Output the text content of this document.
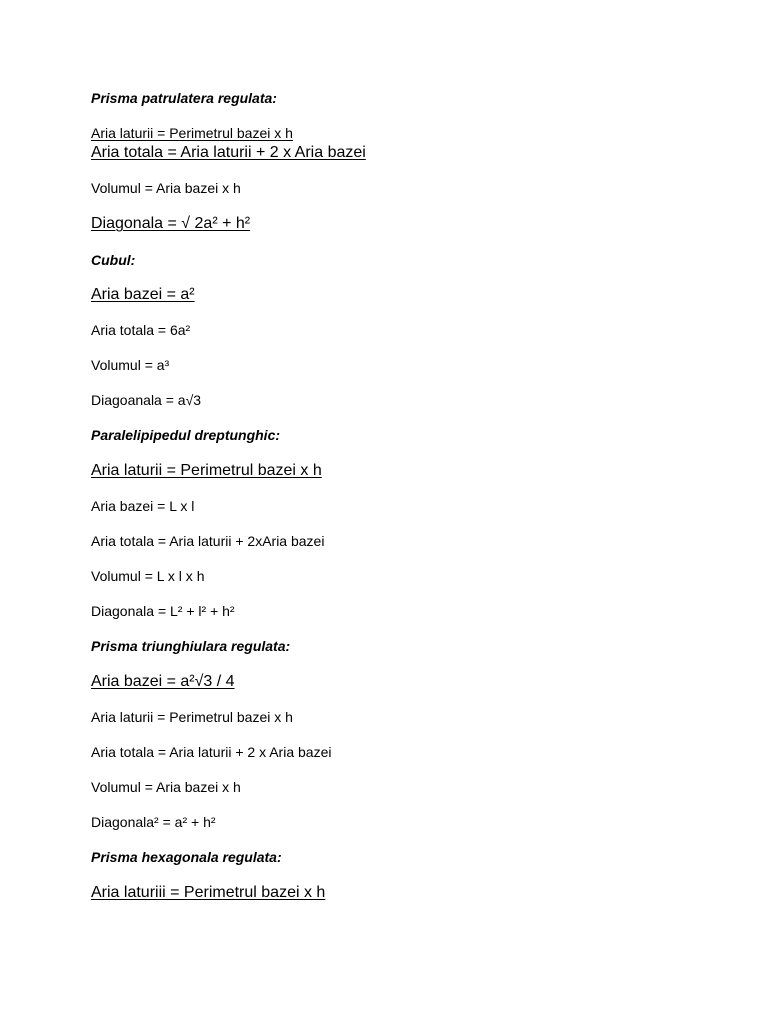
Prisma patrulatera regulata:
Aria laturii = Perimetrul bazei x h
Aria totala = Aria laturii + 2 x Aria bazei
Volumul = Aria bazei x h
Diagonala = √ 2a² + h²
Cubul:
Aria bazei = a²
Aria totala = 6a²
Volumul = a³
Diagoanala = a√3
Paralelipipedul dreptunghic:
Aria laturii = Perimetrul bazei x h
Aria bazei = L x l
Aria totala = Aria laturii + 2xAria bazei
Volumul = L x l x h
Diagonala = L² + l² + h²
Prisma triunghiulara regulata:
Aria bazei = a²√3 / 4
Aria laturii = Perimetrul bazei x h
Aria totala = Aria laturii + 2 x Aria bazei
Volumul = Aria bazei x h
Diagonala² = a² + h²
Prisma hexagonala regulata:
Aria laturiii = Perimetrul bazei x h
